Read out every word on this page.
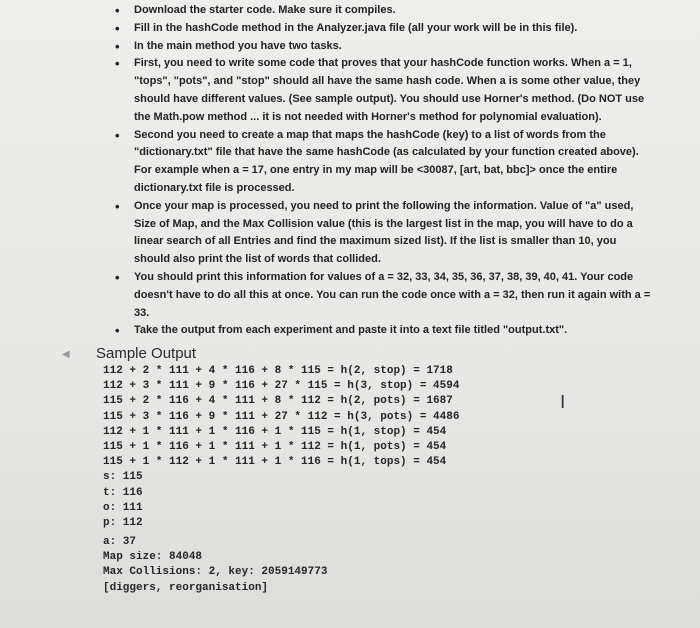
• Download the starter code. Make sure it compiles.
• Fill in the hashCode method in the Analyzer.java file (all your work will be in this file).
• In the main method you have two tasks.
• First, you need to write some code that proves that your hashCode function works. When a = 1, "tops", "pots", and "stop" should all have the same hash code. When a is some other value, they should have different values. (See sample output). You should use Horner's method. (Do NOT use the Math.pow method ... it is not needed with Horner's method for polynomial evaluation).
• Second you need to create a map that maps the hashCode (key) to a list of words from the "dictionary.txt" file that have the same hashCode (as calculated by your function created above). For example when a = 17, one entry in my map will be <30087, [art, bat, bbc]> once the entire dictionary.txt file is processed.
• Once your map is processed, you need to print the following the information. Value of "a" used, Size of Map, and the Max Collision value (this is the largest list in the map, you will have to do a linear search of all Entries and find the maximum sized list). If the list is smaller than 10, you should also print the list of words that collided.
• You should print this information for values of a = 32, 33, 34, 35, 36, 37, 38, 39, 40, 41. Your code doesn't have to do all this at once. You can run the code once with a = 32, then run it again with a = 33.
• Take the output from each experiment and paste it into a text file titled "output.txt".
◀ Sample Output
112 + 2 * 111 + 4 * 116 + 8 * 115 = h(2, stop) = 1718
112 + 3 * 111 + 9 * 116 + 27 * 115 = h(3, stop) = 4594
115 + 2 * 116 + 4 * 111 + 8 * 112 = h(2, pots) = 1687
115 + 3 * 116 + 9 * 111 + 27 * 112 = h(3, pots) = 4486
112 + 1 * 111 + 1 * 116 + 1 * 115 = h(1, stop) = 454
115 + 1 * 116 + 1 * 111 + 1 * 112 = h(1, pots) = 454
115 + 1 * 112 + 1 * 111 + 1 * 116 = h(1, tops) = 454
s: 115
t: 116
o: 111
p: 112
a: 37
Map size: 84048
Max Collisions: 2, key: 2059149773
[diggers, reorganisation]
I
